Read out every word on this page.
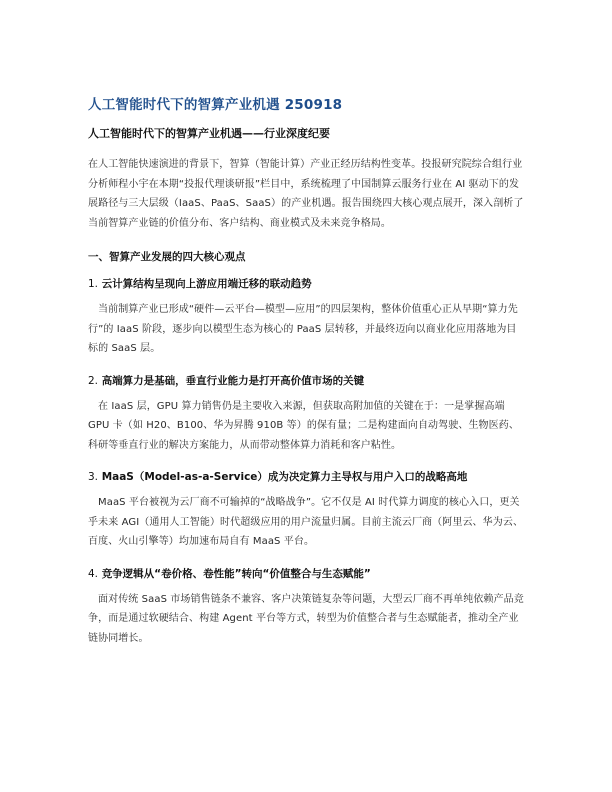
人工智能时代下的智算产业机遇 250918
人工智能时代下的智算产业机遇——行业深度纪要

在人工智能快速演进的背景下，智算（智能计算）产业正经历结构性变革。投报研究院综合组行业分析师程小宇在本期“投报代理谈研报”栏目中，系统梳理了中国制算云服务行业在 AI 驱动下的发展路径与三大层级（IaaS、PaaS、SaaS）的产业机遇。报告围绕四大核心观点展开，深入剖析了当前智算产业链的价值分布、客户结构、商业模式及未来竞争格局。

一、智算产业发展的四大核心观点
1. 云计算结构呈现向上游应用端迁移的联动趋势

当前制算产业已形成“硬件—云平台—模型—应用”的四层架构，整体价值重心正从早期“算力先行”的 IaaS 阶段，逐步向以模型生态为核心的 PaaS 层转移，并最终迈向以商业化应用落地为目标的 SaaS 层。

2. 高端算力是基础，垂直行业能力是打开高价值市场的关键

在 IaaS 层，GPU 算力销售仍是主要收入来源，但获取高附加值的关键在于：一是掌握高端 GPU 卡（如 H20、B100、华为昇腾 910B 等）的保有量；二是构建面向自动驾驶、生物医药、科研等垂直行业的解决方案能力，从而带动整体算力消耗和客户粘性。

3. MaaS（Model-as-a-Service）成为决定算力主导权与用户入口的战略高地

MaaS 平台被视为云厂商不可输掉的“战略战争”。它不仅是 AI 时代算力调度的核心入口，更关乎未来 AGI（通用人工智能）时代超级应用的用户流量归属。目前主流云厂商（阿里云、华为云、百度、火山引擎等）均加速布局自有 MaaS 平台。

4. 竞争逻辑从“卷价格、卷性能”转向“价值整合与生态赋能”

面对传统 SaaS 市场销售链条不兼容、客户决策链复杂等问题，大型云厂商不再单纯依赖产品竞争，而是通过软硬结合、构建 Agent 平台等方式，转型为价值整合者与生态赋能者，推动全产业链协同增长。
